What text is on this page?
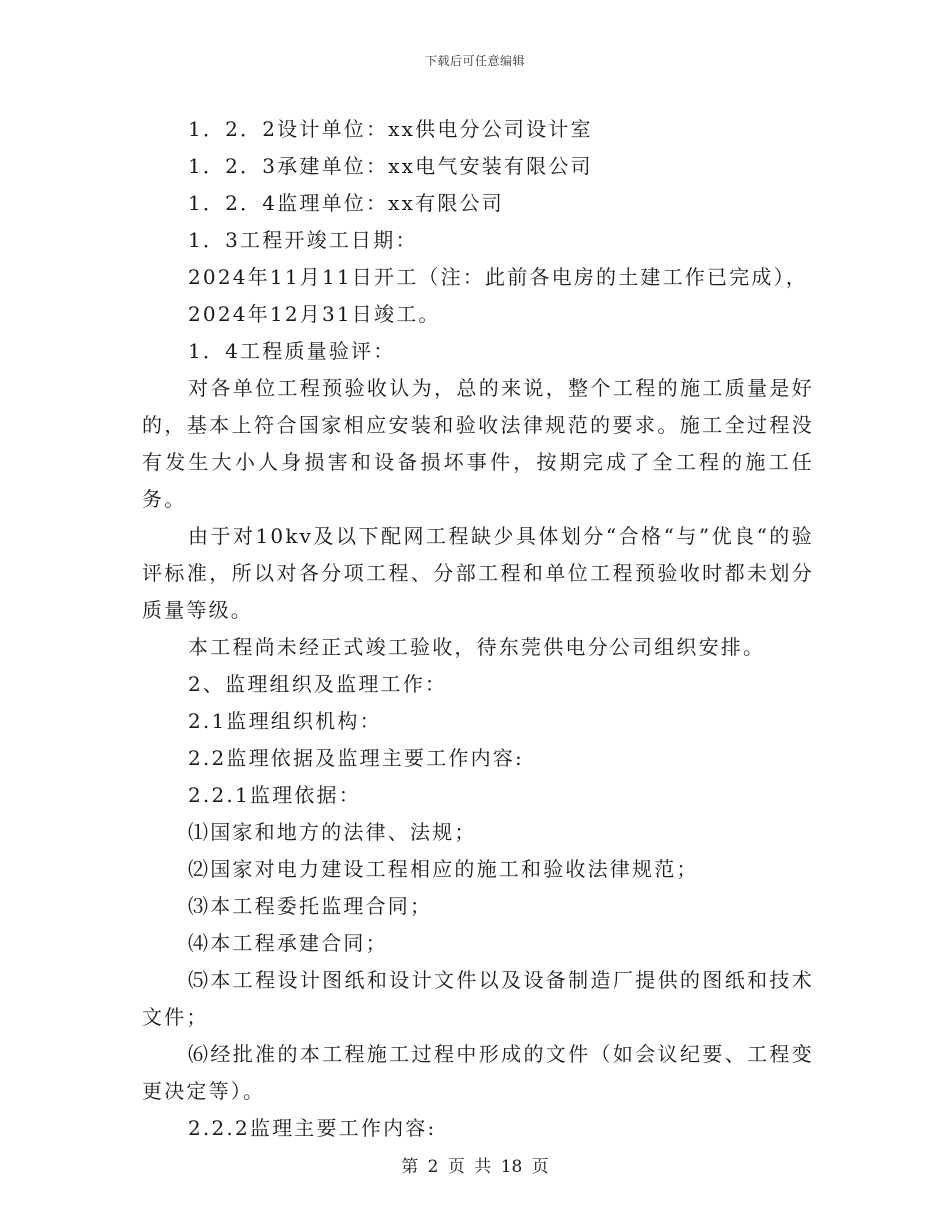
下载后可任意编辑

1．2．2设计单位：xx供电分公司设计室

1．2．3承建单位：xx电气安装有限公司

1．2．4监理单位：xx有限公司

1．3工程开竣工日期：

2024年11月11日开工（注：此前各电房的土建工作已完成），

2024年12月31日竣工。

1．4工程质量验评：

对各单位工程预验收认为，总的来说，整个工程的施工质量是好的，基本上符合国家相应安装和验收法律规范的要求。施工全过程没有发生大小人身损害和设备损坏事件，按期完成了全工程的施工任务。

由于对10kv及以下配网工程缺少具体划分“合格“与”优良“的验评标准，所以对各分项工程、分部工程和单位工程预验收时都未划分质量等级。

本工程尚未经正式竣工验收，待东莞供电分公司组织安排。

2、监理组织及监理工作：

2.1监理组织机构：

2.2监理依据及监理主要工作内容:

2.2.1监理依据：

⑴国家和地方的法律、法规；

⑵国家对电力建设工程相应的施工和验收法律规范；

⑶本工程委托监理合同；

⑷本工程承建合同；

⑸本工程设计图纸和设计文件以及设备制造厂提供的图纸和技术文件；

⑹经批准的本工程施工过程中形成的文件（如会议纪要、工程变更决定等）。

2.2.2监理主要工作内容:

第 2 页 共 18 页
